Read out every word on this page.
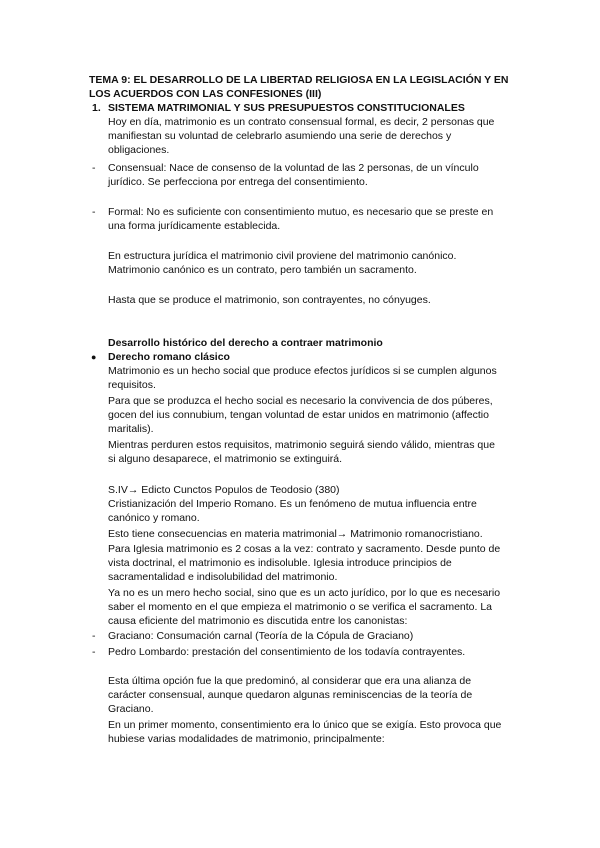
TEMA 9: EL DESARROLLO DE LA LIBERTAD RELIGIOSA EN LA LEGISLACIÓN Y EN
LOS ACUERDOS CON LAS CONFESIONES (III)
1. SISTEMA MATRIMONIAL Y SUS PRESUPUESTOS CONSTITUCIONALES
Hoy en día, matrimonio es un contrato consensual formal, es decir, 2 personas que
manifiestan su voluntad de celebrarlo asumiendo una serie de derechos y
obligaciones.
- Consensual: Nace de consenso de la voluntad de las 2 personas, de un vínculo
jurídico. Se perfecciona por entrega del consentimiento.
- Formal: No es suficiente con consentimiento mutuo, es necesario que se preste en
una forma jurídicamente establecida.
En estructura jurídica el matrimonio civil proviene del matrimonio canónico.
Matrimonio canónico es un contrato, pero también un sacramento.
Hasta que se produce el matrimonio, son contrayentes, no cónyuges.
Desarrollo histórico del derecho a contraer matrimonio
● Derecho romano clásico
Matrimonio es un hecho social que produce efectos jurídicos si se cumplen algunos
requisitos.
Para que se produzca el hecho social es necesario la convivencia de dos púberes,
gocen del ius connubium, tengan voluntad de estar unidos en matrimonio (affectio
maritalis).
Mientras perduren estos requisitos, matrimonio seguirá siendo válido, mientras que
si alguno desaparece, el matrimonio se extinguirá.
S.IV→ Edicto Cunctos Populos de Teodosio (380)
Cristianización del Imperio Romano. Es un fenómeno de mutua influencia entre
canónico y romano.
Esto tiene consecuencias en materia matrimonial→ Matrimonio romanocristiano.
Para Iglesia matrimonio es 2 cosas a la vez: contrato y sacramento. Desde punto de
vista doctrinal, el matrimonio es indisoluble. Iglesia introduce principios de
sacramentalidad e indisolubilidad del matrimonio.
Ya no es un mero hecho social, sino que es un acto jurídico, por lo que es necesario
saber el momento en el que empieza el matrimonio o se verifica el sacramento. La
causa eficiente del matrimonio es discutida entre los canonistas:
- Graciano: Consumación carnal (Teoría de la Cópula de Graciano)
- Pedro Lombardo: prestación del consentimiento de los todavía contrayentes.
Esta última opción fue la que predominó, al considerar que era una alianza de
carácter consensual, aunque quedaron algunas reminiscencias de la teoría de
Graciano.
En un primer momento, consentimiento era lo único que se exigía. Esto provoca que
hubiese varias modalidades de matrimonio, principalmente:
